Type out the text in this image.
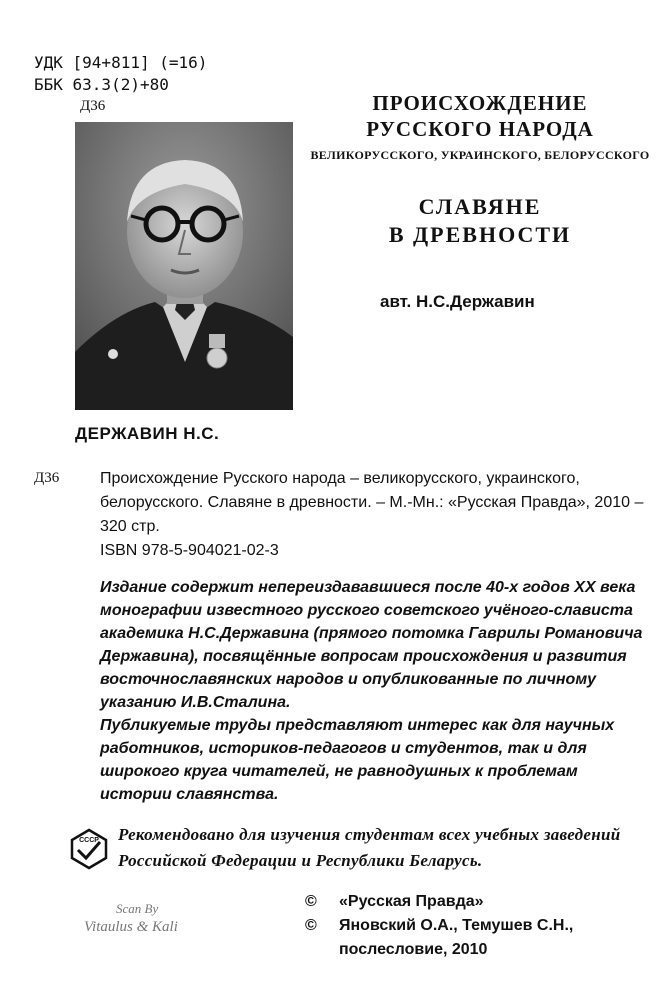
УДК [94+811] (=16)
ББК 63.3(2)+80
Д36	ПРОИСХОЖДЕНИЕ
РУССКОГО НАРОДА
ВЕЛИКОРУССКОГО, УКРАИНСКОГО, БЕЛОРУССКОГО
СЛАВЯНЕ
В ДРЕВНОСТИ
авт. Н.С.Державин
ДЕРЖАВИН Н.С.
Д36	Происхождение Русского народа – великорусского, украинского, белорусского. Славяне в древности. – М.-Мн.: «Русская Правда», 2010 – 320 стр.

ISBN 978-5-904021-02-3

Издание содержит непереиздававшиеся после 40-х годов XX века монографии известного русского советского учёного-слависта академика Н.С.Державина (прямого потомка Гаврилы Романовича Державина), посвящённые вопросам происхождения и развития восточнославянских народов и опубликованные по личному указанию И.В.Сталина.

Публикуемые труды представляют интерес как для научных работников, историков-педагогов и студентов, так и для широкого круга читателей, не равнодушных к проблемам истории славянства.

СССР Рекомендовано для изучения студентам всех учебных заведений Российской Федерации и Республики Беларусь.
Scan By
Vitaulus & Kali
©	«Русская Правда»
©	Яновский О.А., Темушев С.Н., послесловие, 2010
